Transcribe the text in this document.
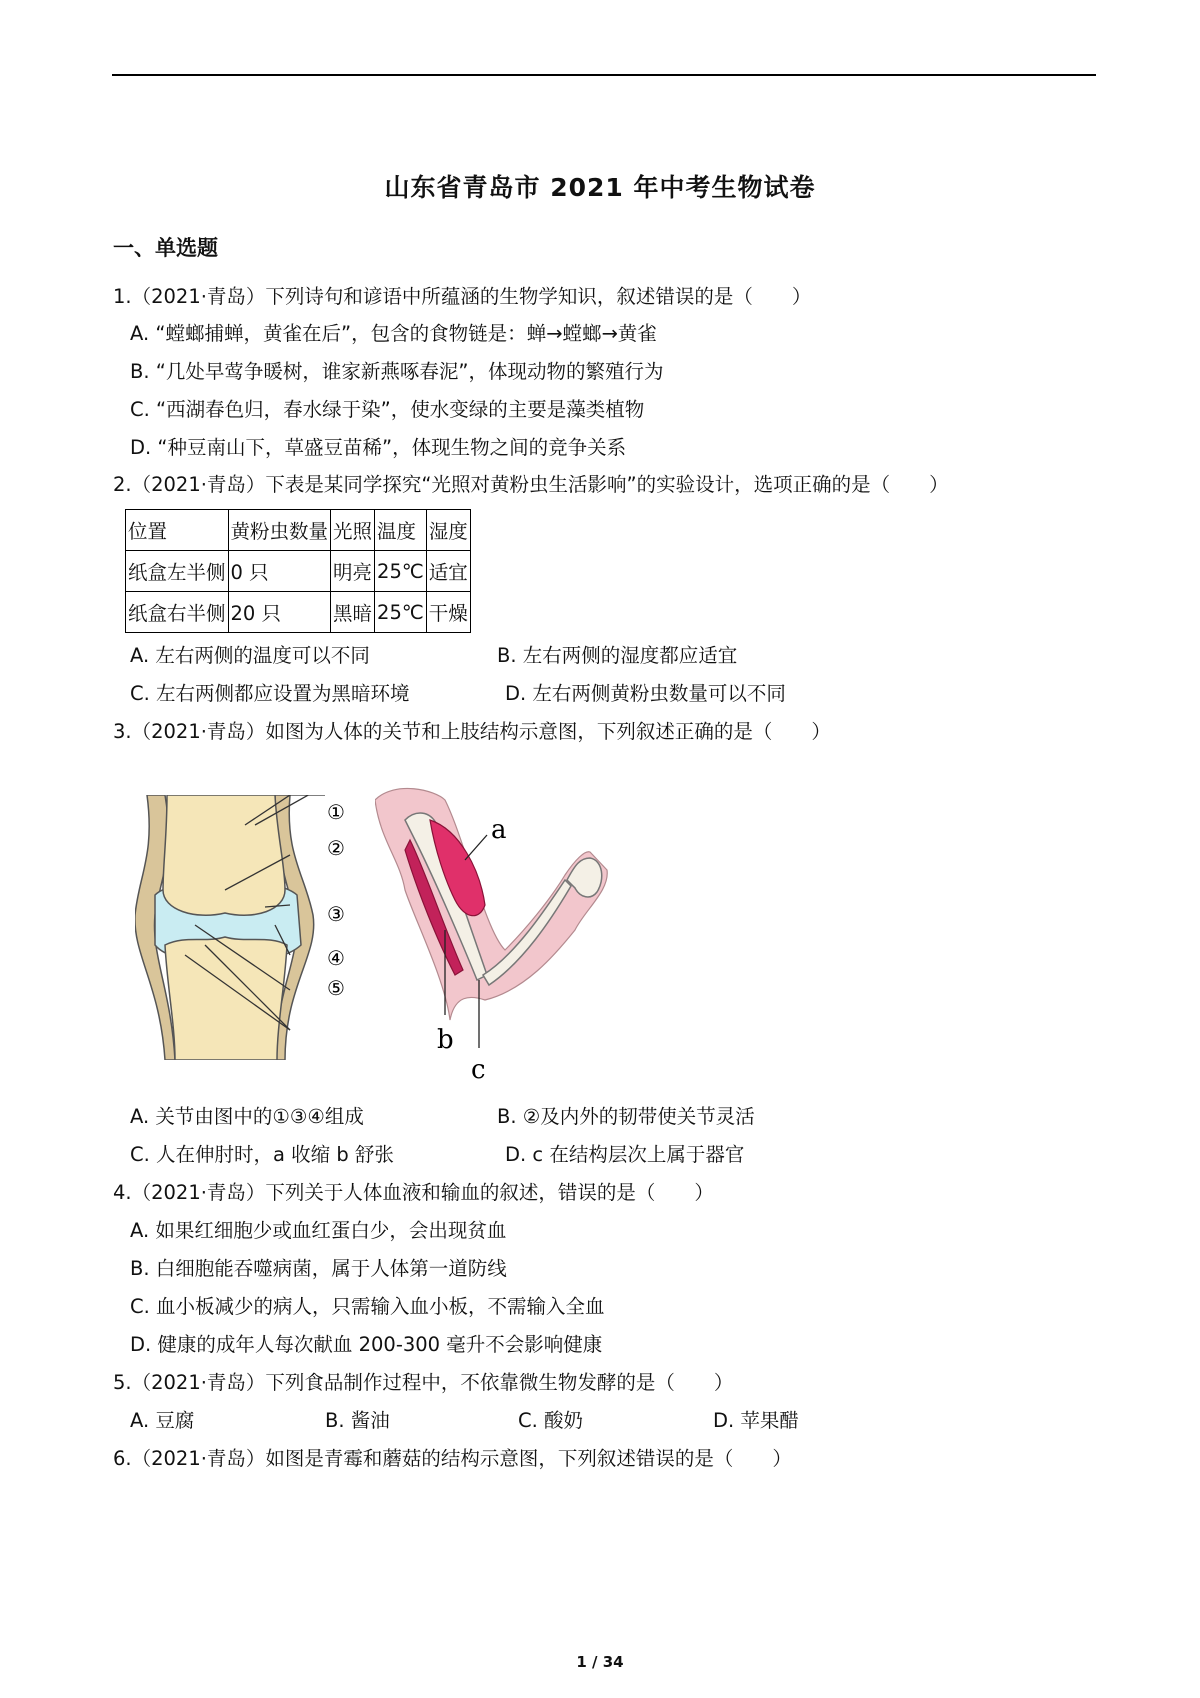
山东省青岛市 2021 年中考生物试卷
一、单选题
1.（2021·青岛）下列诗句和谚语中所蕴涵的生物学知识，叙述错误的是（　　）
A. “螳螂捕蝉，黄雀在后”，包含的食物链是：蝉→螳螂→黄雀
B. “几处早莺争暖树，谁家新燕啄春泥”，体现动物的繁殖行为
C. “西湖春色归，春水绿于染”，使水变绿的主要是藻类植物
D. “种豆南山下，草盛豆苗稀”，体现生物之间的竞争关系
2.（2021·青岛）下表是某同学探究“光照对黄粉虫生活影响”的实验设计，选项正确的是（　　）
位置	黄粉虫数量	光照	温度	湿度
纸盒左半侧	0 只	明亮	25℃	适宜
纸盒右半侧	20 只	黑暗	25℃	干燥
A. 左右两侧的温度可以不同	B. 左右两侧的湿度都应适宜
C. 左右两侧都应设置为黑暗环境	D. 左右两侧黄粉虫数量可以不同
3.（2021·青岛）如图为人体的关节和上肢结构示意图，下列叙述正确的是（　　）
①
②
③
④
⑤
a
b
c
A. 关节由图中的①③④组成	B. ②及内外的韧带使关节灵活
C. 人在伸肘时，a 收缩 b 舒张	D. c 在结构层次上属于器官
4.（2021·青岛）下列关于人体血液和输血的叙述，错误的是（　　）
A. 如果红细胞少或血红蛋白少，会出现贫血
B. 白细胞能吞噬病菌，属于人体第一道防线
C. 血小板减少的病人，只需输入血小板，不需输入全血
D. 健康的成年人每次献血 200-300 毫升不会影响健康
5.（2021·青岛）下列食品制作过程中，不依靠微生物发酵的是（　　）
A. 豆腐	B. 酱油	C. 酸奶	D. 苹果醋
6.（2021·青岛）如图是青霉和蘑菇的结构示意图，下列叙述错误的是（　　）
1 / 34
